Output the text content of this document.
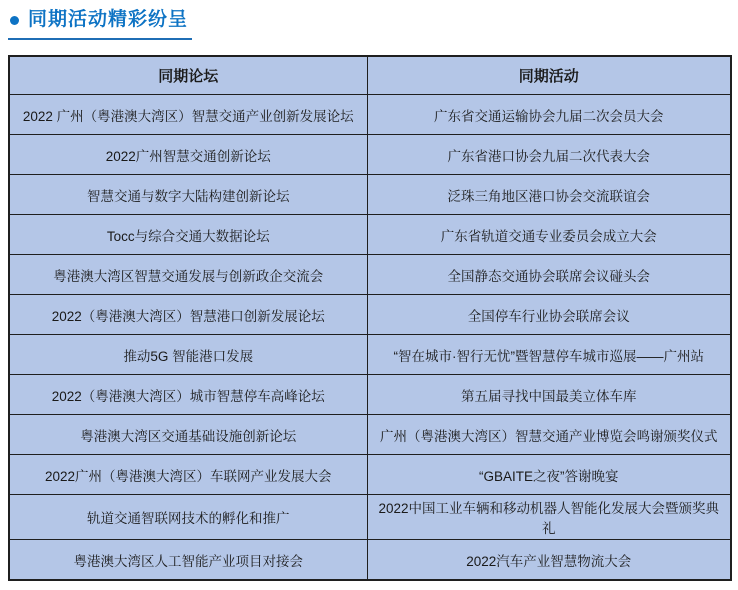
同期活动精彩纷呈
同期论坛	同期活动
2022 广州（粤港澳大湾区）智慧交通产业创新发展论坛	广东省交通运输协会九届二次会员大会
2022广州智慧交通创新论坛	广东省港口协会九届二次代表大会
智慧交通与数字大陆构建创新论坛	泛珠三角地区港口协会交流联谊会
Tocc与综合交通大数据论坛	广东省轨道交通专业委员会成立大会
粤港澳大湾区智慧交通发展与创新政企交流会	全国静态交通协会联席会议碰头会
2022（粤港澳大湾区）智慧港口创新发展论坛	全国停车行业协会联席会议
推动5G 智能港口发展	“智在城市·智行无忧”暨智慧停车城市巡展——广州站
2022（粤港澳大湾区）城市智慧停车高峰论坛	第五届寻找中国最美立体车库
粤港澳大湾区交通基础设施创新论坛	广州（粤港澳大湾区）智慧交通产业博览会鸣谢颁奖仪式
2022广州（粤港澳大湾区）车联网产业发展大会	“GBAITE之夜”答谢晚宴
轨道交通智联网技术的孵化和推广	2022中国工业车辆和移动机器人智能化发展大会暨颁奖典礼
粤港澳大湾区人工智能产业项目对接会	2022汽车产业智慧物流大会
